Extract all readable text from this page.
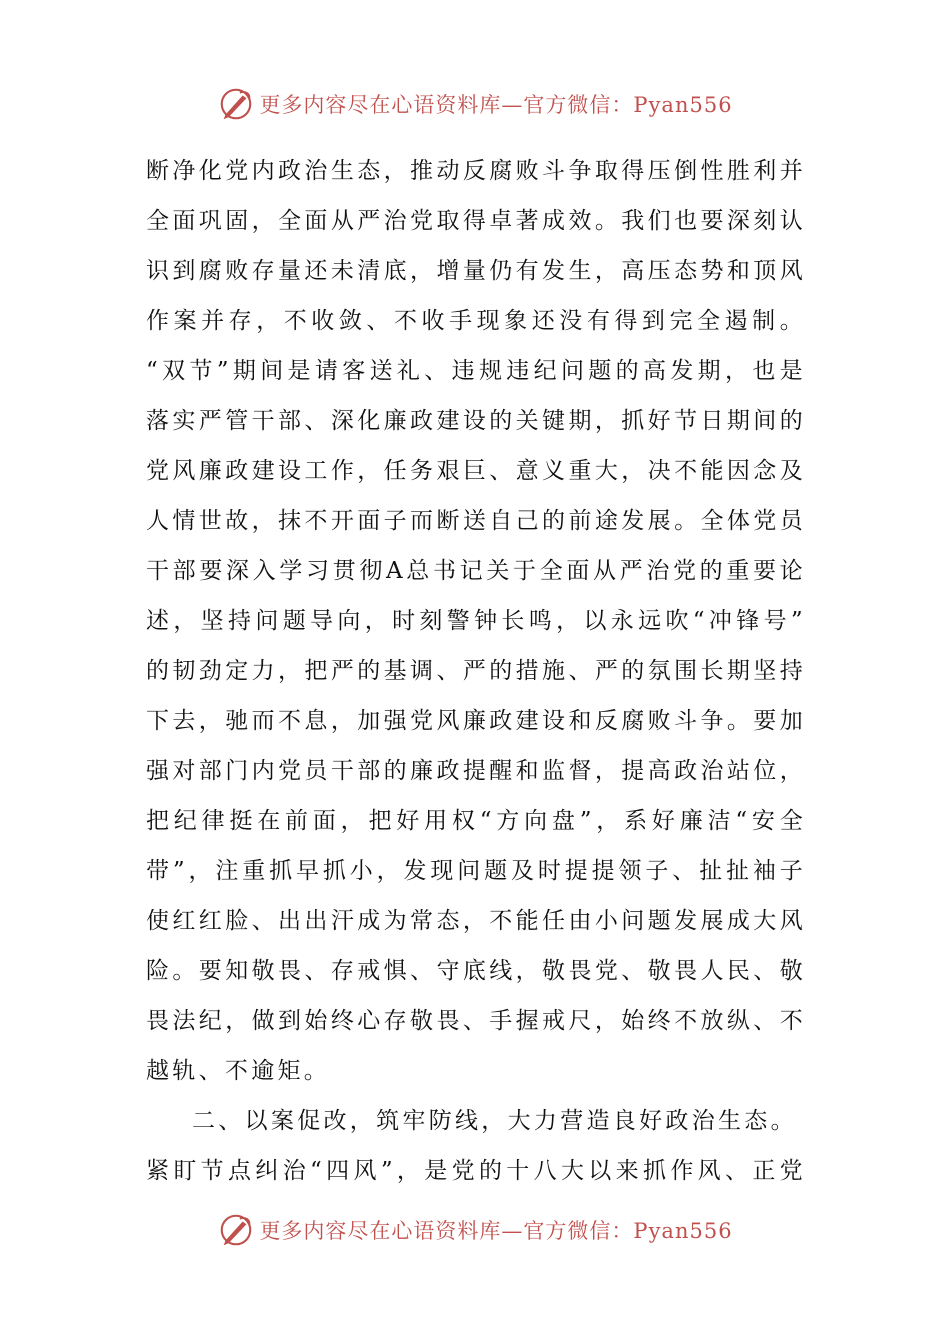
更多内容尽在心语资料库—官方微信：Pyan556
断净化党内政治生态，推动反腐败斗争取得压倒性胜利并
全面巩固，全面从严治党取得卓著成效。我们也要深刻认
识到腐败存量还未清底，增量仍有发生，高压态势和顶风
作案并存，不收敛、不收手现象还没有得到完全遏制。
“双节”期间是请客送礼、违规违纪问题的高发期，也是
落实严管干部、深化廉政建设的关键期，抓好节日期间的
党风廉政建设工作，任务艰巨、意义重大，决不能因念及
人情世故，抹不开面子而断送自己的前途发展。全体党员
干部要深入学习贯彻A总书记关于全面从严治党的重要论
述，坚持问题导向，时刻警钟长鸣，以永远吹“冲锋号”
的韧劲定力，把严的基调、严的措施、严的氛围长期坚持
下去，驰而不息，加强党风廉政建设和反腐败斗争。要加
强对部门内党员干部的廉政提醒和监督，提高政治站位，
把纪律挺在前面，把好用权“方向盘”，系好廉洁“安全
带”，注重抓早抓小，发现问题及时提提领子、扯扯袖子
使红红脸、出出汗成为常态，不能任由小问题发展成大风
险。要知敬畏、存戒惧、守底线，敬畏党、敬畏人民、敬
畏法纪，做到始终心存敬畏、手握戒尺，始终不放纵、不
越轨、不逾矩。
二、以案促改，筑牢防线，大力营造良好政治生态。
紧盯节点纠治“四风”，是党的十八大以来抓作风、正党
更多内容尽在心语资料库—官方微信：Pyan556
